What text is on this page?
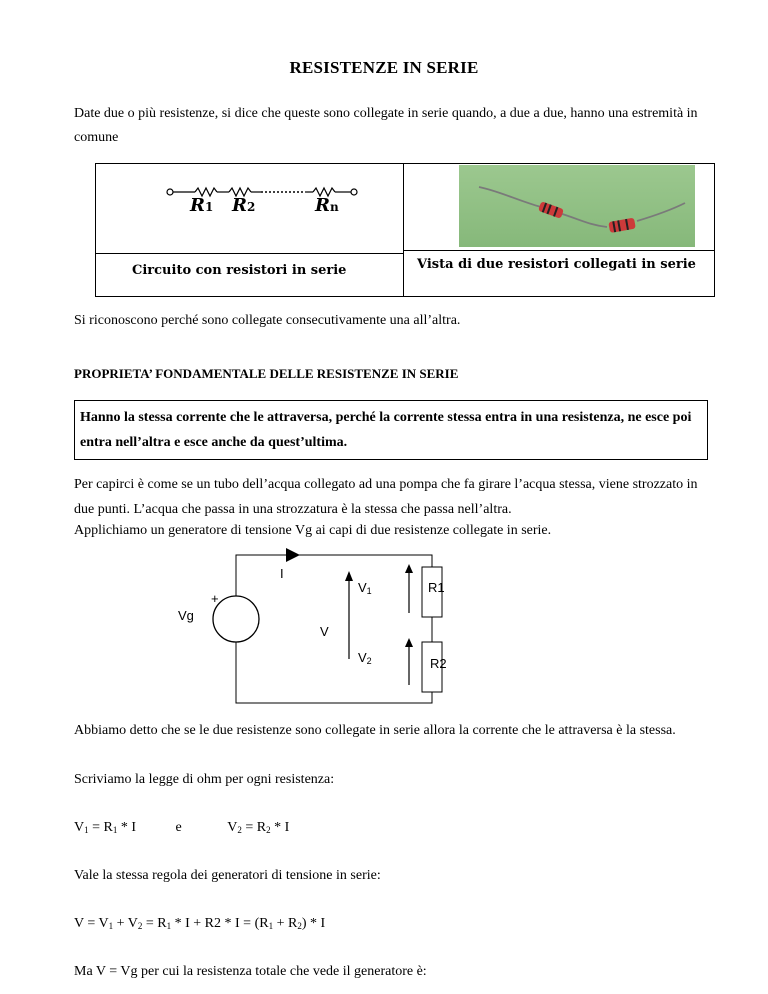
RESISTENZE IN SERIE
Date due o più resistenze, si dice che queste sono collegate in serie quando, a due a due, hanno una estremità in comune
R1 R2	Rn
Circuito con resistori in serie	Vista di due resistori collegati in serie
Si riconoscono perché sono collegate consecutivamente una all’altra.
PROPRIETA’ FONDAMENTALE DELLE RESISTENZE IN SERIE
Hanno la stessa corrente che le attraversa, perché la corrente stessa entra in una resistenza, ne esce poi entra nell’altra e esce anche da quest’ultima.
Per capirci è come se un tubo dell’acqua collegato ad una pompa che fa girare l’acqua stessa, viene strozzato in due punti. L’acqua che passa in una strozzatura è la stessa che passa nell’altra.
Applichiamo un generatore di tensione Vg ai capi di due resistenze collegate in serie.
I
$V_1$	R1
+
Vg
V
$V_2$	R2
Abbiamo detto che se le due resistenze sono collegate in serie allora la corrente che le attraversa è la stessa.
Scriviamo la legge di ohm per ogni resistenza:
$V_1 = R_1 * I$	e	$V_2 = R_2 * I$
Vale la stessa regola dei generatori di tensione in serie:
$V = V_1 + V_2 = R_1 * I + R2 * I = (R_1 + R_2) * I$
Ma V = Vg per cui la resistenza totale che vede il generatore è:
